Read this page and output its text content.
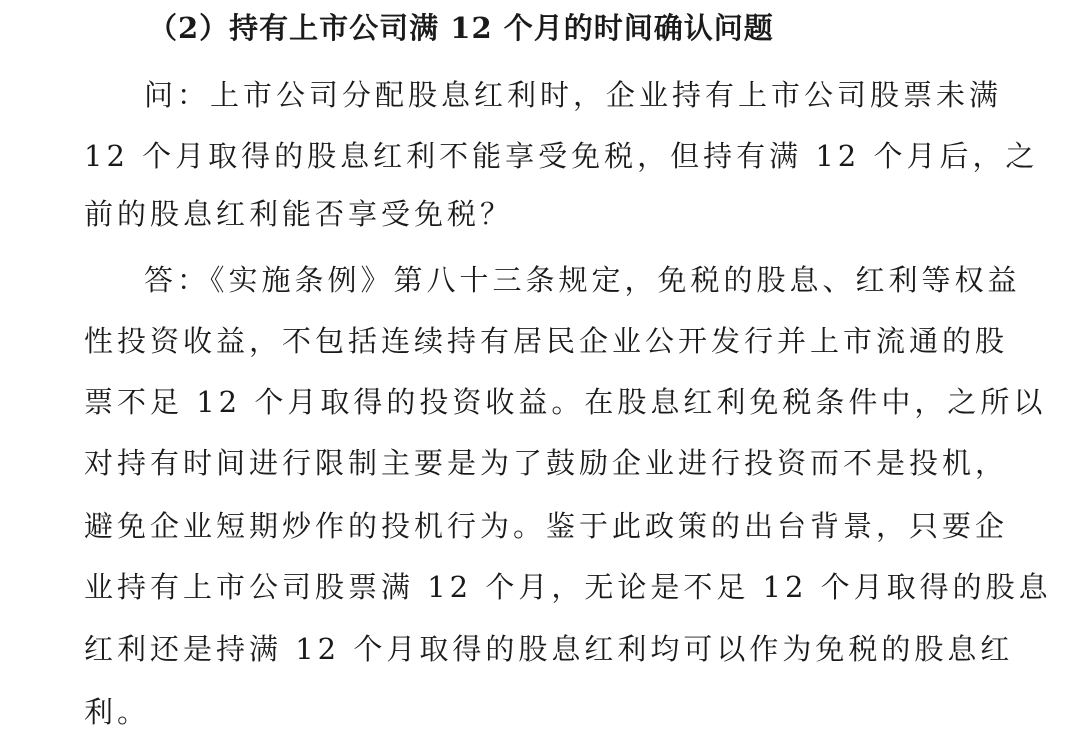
（2）持有上市公司满 12 个月的时间确认问题
问：上市公司分配股息红利时，企业持有上市公司股票未满
12 个月取得的股息红利不能享受免税，但持有满 12 个月后，之
前的股息红利能否享受免税？
答：《实施条例》第八十三条规定，免税的股息、红利等权益
性投资收益，不包括连续持有居民企业公开发行并上市流通的股
票不足 12 个月取得的投资收益。在股息红利免税条件中，之所以
对持有时间进行限制主要是为了鼓励企业进行投资而不是投机，
避免企业短期炒作的投机行为。鉴于此政策的出台背景，只要企
业持有上市公司股票满 12 个月，无论是不足 12 个月取得的股息
红利还是持满 12 个月取得的股息红利均可以作为免税的股息红
利。
